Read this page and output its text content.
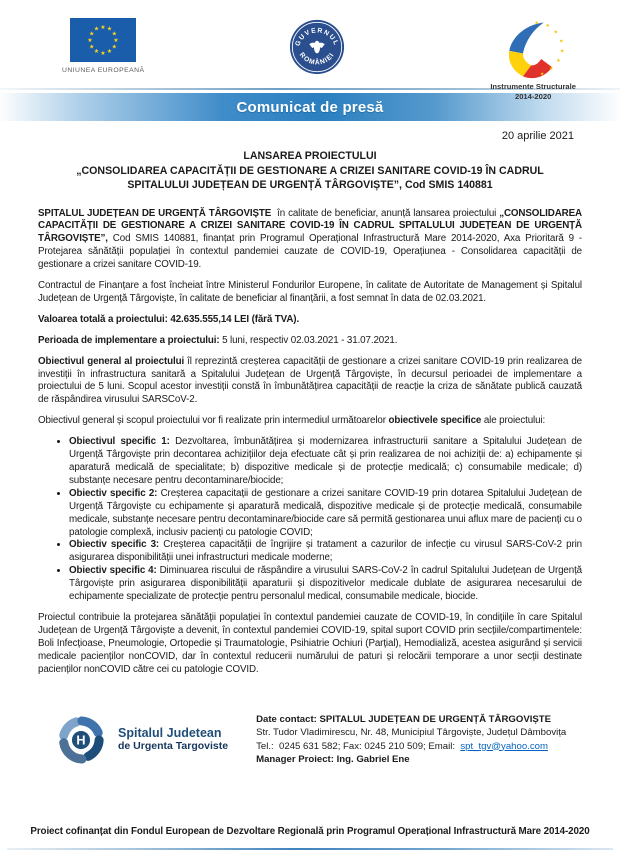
★ ★
★
★
★
★
★
★
★
★
★
★
UNIUNEA EUROPEANĂ
GUVERNUL
ROMÂNIEI
★ ★
★
★
★
★
★
★
Instrumente Structurale
2014-2020
Comunicat de presă
20 aprilie 2021
LANSAREA PROIECTULUI
„CONSOLIDAREA CAPACITĂȚII DE GESTIONARE A CRIZEI SANITARE COVID-19 ÎN CADRUL
SPITALULUI JUDEȚEAN DE URGENȚĂ TÂRGOVIȘTE”, Cod SMIS 140881

SPITALUL JUDEȚEAN DE URGENȚĂ TÂRGOVIȘTE  în calitate de beneficiar, anunță lansarea proiectului „CONSOLIDAREA CAPACITĂȚII DE GESTIONARE A CRIZEI SANITARE COVID-19 ÎN CADRUL SPITALULUI JUDEȚEAN DE URGENȚĂ TÂRGOVIȘTE”, Cod SMIS 140881, finanțat prin Programul Operațional Infrastructură Mare 2014-2020, Axa Prioritară 9 - Protejarea sănătății populației în contextul pandemiei cauzate de COVID-19, Operațiunea - Consolidarea capacității de gestionare a crizei sanitare COVID-19.

Contractul de Finanțare a fost încheiat între Ministerul Fondurilor Europene, în calitate de Autoritate de Management și Spitalul Județean de Urgență Târgoviște, în calitate de beneficiar al finanțării, a fost semnat în data de 02.03.2021.

Valoarea totală a proiectului: 42.635.555,14 LEI (fără TVA).

Perioada de implementare a proiectului: 5 luni, respectiv 02.03.2021 - 31.07.2021.

Obiectivul general al proiectului îl reprezintă creșterea capacității de gestionare a crizei sanitare COVID-19 prin realizarea de investiții în infrastructura sanitară a Spitalului Județean de Urgență Târgoviște, în decursul perioadei de implementare a proiectului de 5 luni. Scopul acestor investiții constă în îmbunătățirea capacității de reacție la criza de sănătate publică cauzată de răspândirea virusului SARSCoV-2.

Obiectivul general și scopul proiectului vor fi realizate prin intermediul următoarelor obiectivele specifice ale proiectului:

• Obiectivul specific 1: Dezvoltarea, îmbunătățirea și modernizarea infrastructurii sanitare a Spitalului Județean de Urgență Târgoviște prin decontarea achizițiilor deja efectuate cât și prin realizarea de noi achiziții de: a) echipamente și aparatură medicală de specialitate; b) dispozitive medicale și de protecție medicală; c) consumabile medicale; d) substanțe necesare pentru decontaminare/biocide;
• Obiectiv specific 2: Creșterea capacitații de gestionare a crizei sanitare COVID-19 prin dotarea Spitalului Județean de Urgență Târgoviște cu echipamente și aparatură medicală, dispozitive medicale și de protecție medicală, consumabile medicale, substanțe necesare pentru decontaminare/biocide care să permită gestionarea unui aflux mare de pacienți cu o patologie complexă, inclusiv pacienți cu patologie COVID;
• Obiectiv specific 3: Creșterea capacității de îngrijire și tratament a cazurilor de infecție cu virusul SARS-CoV-2 prin asigurarea disponibilității unei infrastructuri medicale moderne;
• Obiectiv specific 4: Diminuarea riscului de răspândire a virusului SARS-CoV-2 în cadrul Spitalului Județean de Urgență Târgoviște prin asigurarea disponibilității aparaturii și dispozitivelor medicale dublate de asigurarea necesarului de echipamente specializate de protecție pentru personalul medical, consumabile medicale, biocide.

Proiectul contribuie la protejarea sănătății populației în contextul pandemiei cauzate de COVID-19, în condițiile în care Spitalul Județean de Urgență Târgoviște a devenit, în contextul pandemiei COVID-19, spital suport COVID prin secțiile/compartimentele: Boli Infecțioase, Pneumologie, Ortopedie și Traumatologie, Psihiatrie Ochiuri (Parțial), Hemodializă, acestea asigurând și servicii medicale pacienților nonCOVID, dar în contextul reducerii numărului de paturi și relocării temporare a unor secții destinate pacienților nonCOVID către cei cu patologie COVID.

H
Spitalul Judetean
de Urgenta Targoviste
Date contact: SPITALUL JUDEȚEAN DE URGENȚĂ TÂRGOVIȘTE
Str. Tudor Vladimirescu, Nr. 48, Municipiul Târgoviște, Județul Dâmbovița
Tel.:  0245 631 582; Fax: 0245 210 509; Email:  spt_tgv@yahoo.com
Manager Proiect: Ing. Gabriel Ene
Proiect cofinanțat din Fondul European de Dezvoltare Regională prin Programul Operațional Infrastructură Mare 2014-2020
